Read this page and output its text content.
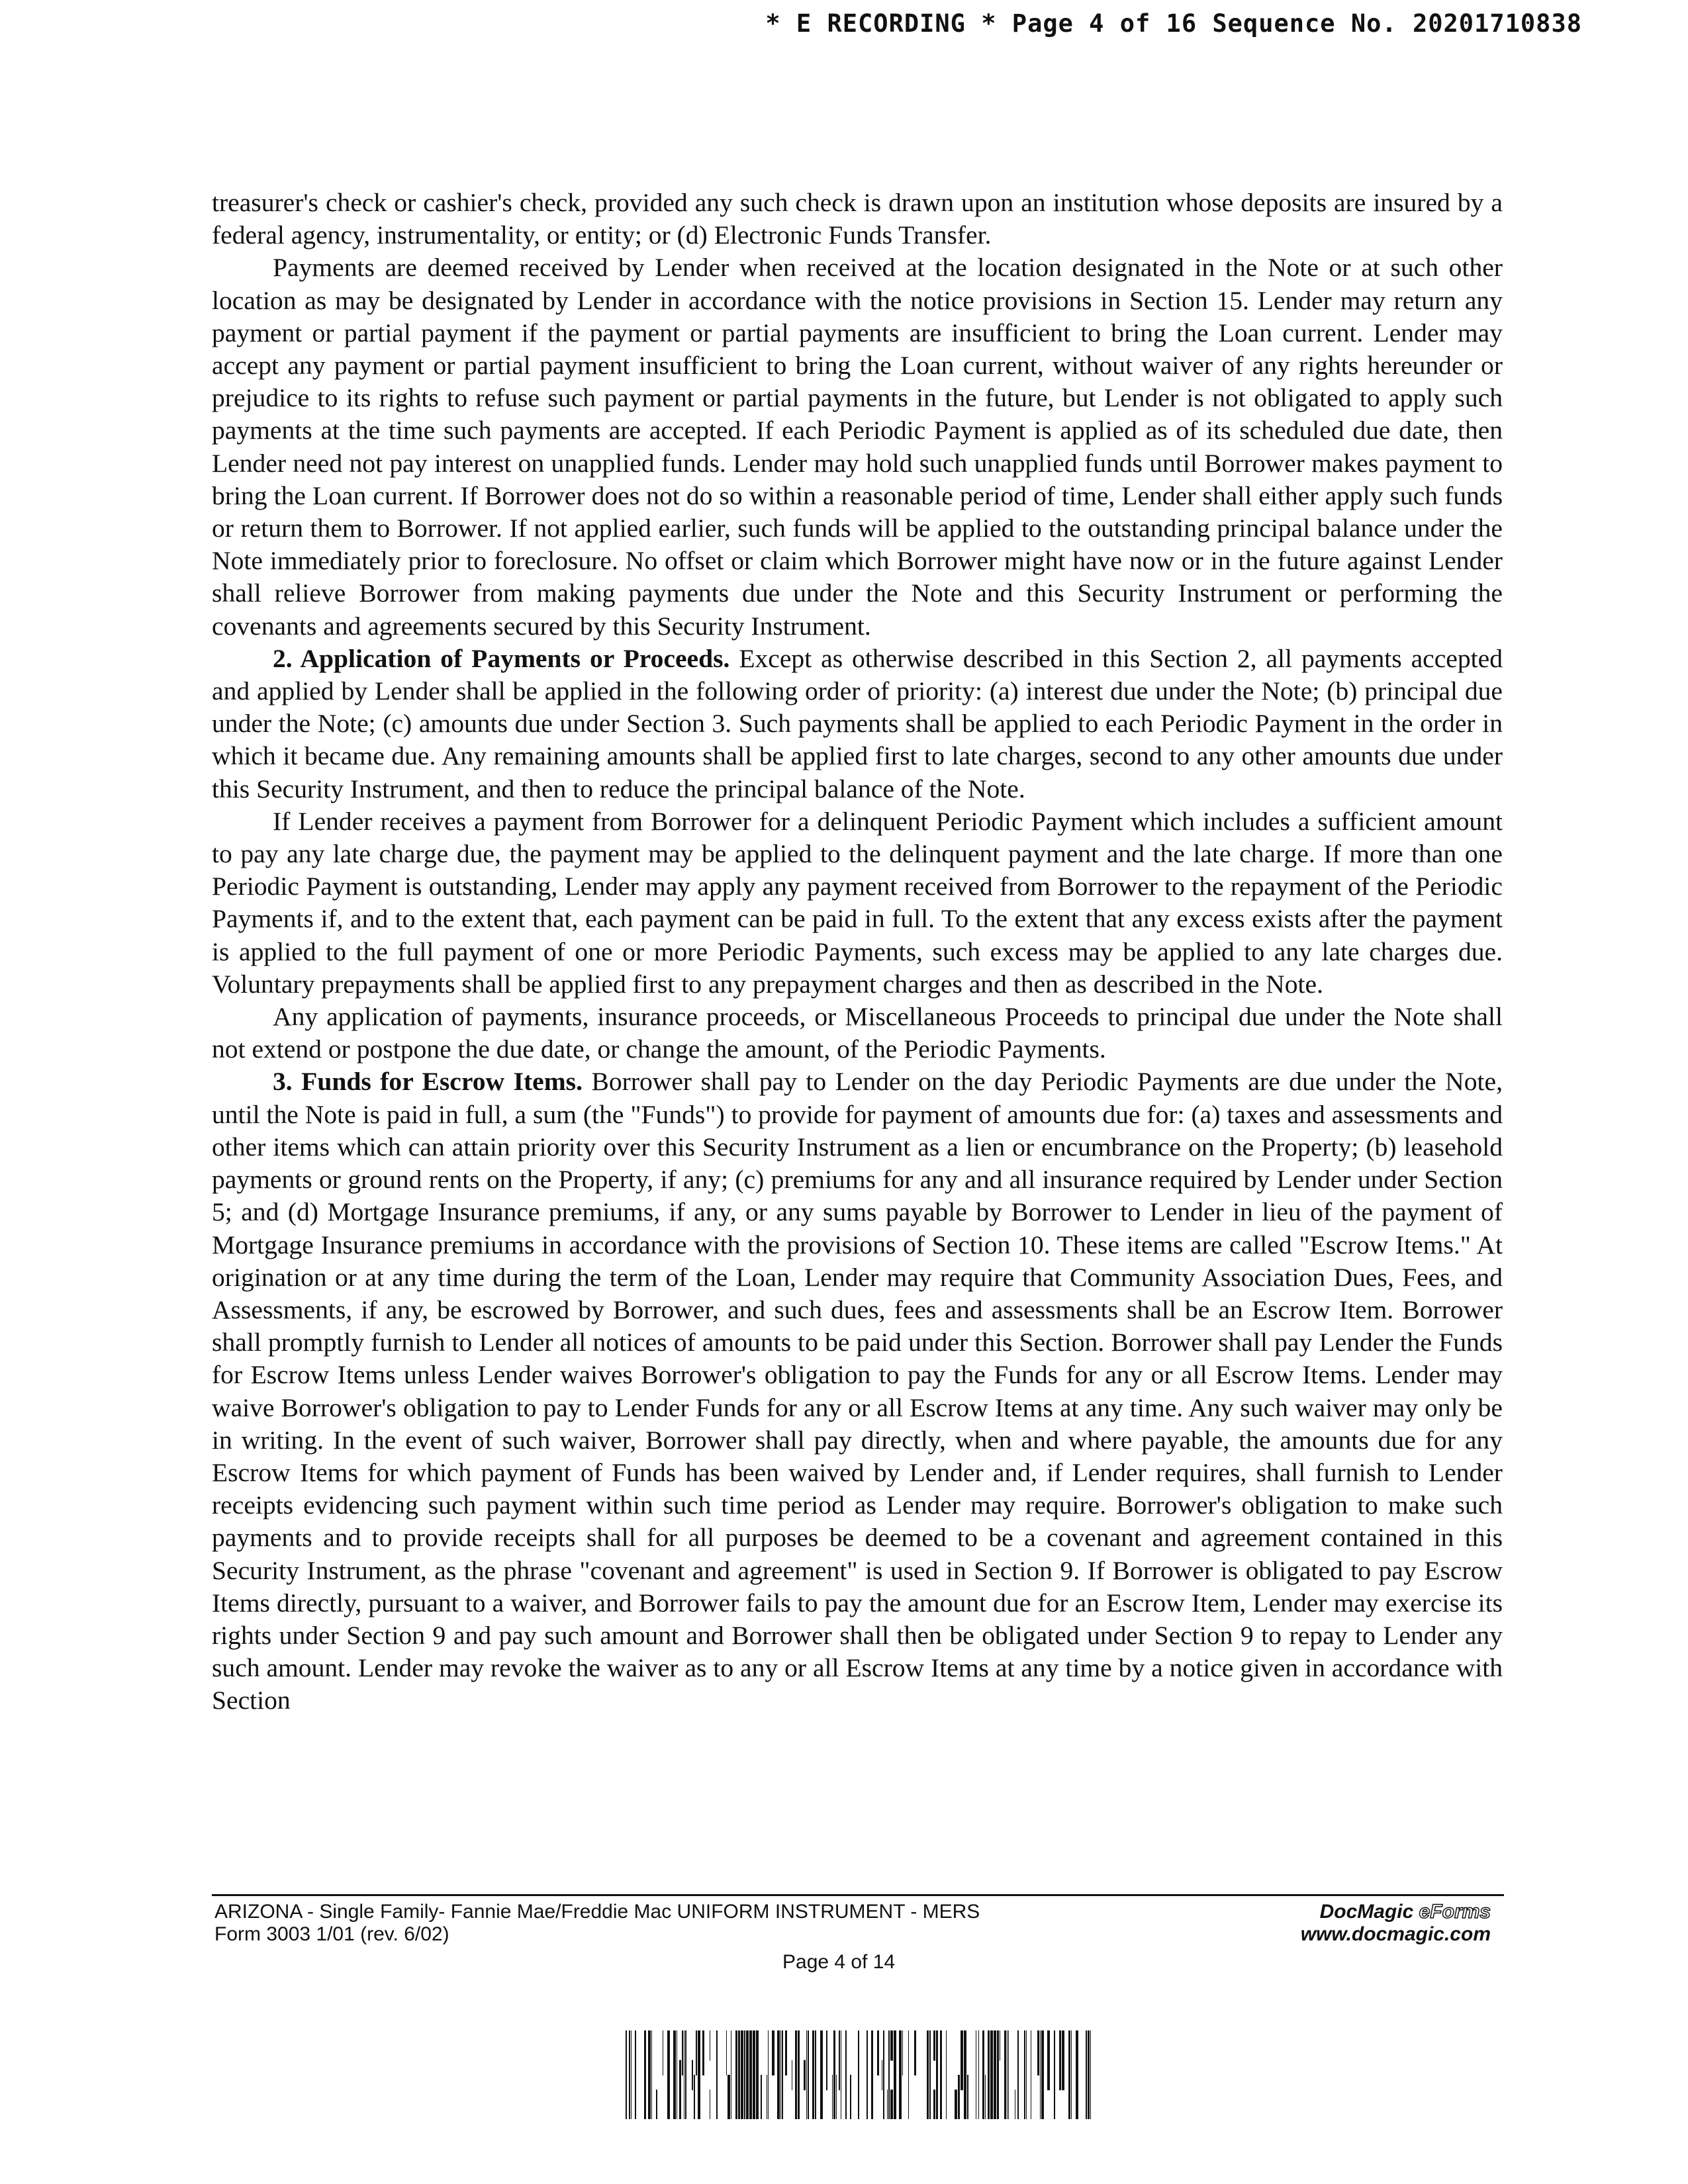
* E RECORDING * Page 4 of 16 Sequence No. 20201710838

treasurer's check or cashier's check, provided any such check is drawn upon an institution whose deposits are insured by a federal agency, instrumentality, or entity; or (d) Electronic Funds Transfer.

Payments are deemed received by Lender when received at the location designated in the Note or at such other location as may be designated by Lender in accordance with the notice provisions in Section 15. Lender may return any payment or partial payment if the payment or partial payments are insufficient to bring the Loan current. Lender may accept any payment or partial payment insufficient to bring the Loan current, without waiver of any rights hereunder or prejudice to its rights to refuse such payment or partial payments in the future, but Lender is not obligated to apply such payments at the time such payments are accepted. If each Periodic Payment is applied as of its scheduled due date, then Lender need not pay interest on unapplied funds. Lender may hold such unapplied funds until Borrower makes payment to bring the Loan current. If Borrower does not do so within a reasonable period of time, Lender shall either apply such funds or return them to Borrower. If not applied earlier, such funds will be applied to the outstanding principal balance under the Note immediately prior to foreclosure. No offset or claim which Borrower might have now or in the future against Lender shall relieve Borrower from making payments due under the Note and this Security Instrument or performing the covenants and agreements secured by this Security Instrument.

2. Application of Payments or Proceeds. Except as otherwise described in this Section 2, all payments accepted and applied by Lender shall be applied in the following order of priority: (a) interest due under the Note; (b) principal due under the Note; (c) amounts due under Section 3. Such payments shall be applied to each Periodic Payment in the order in which it became due. Any remaining amounts shall be applied first to late charges, second to any other amounts due under this Security Instrument, and then to reduce the principal balance of the Note.

If Lender receives a payment from Borrower for a delinquent Periodic Payment which includes a sufficient amount to pay any late charge due, the payment may be applied to the delinquent payment and the late charge. If more than one Periodic Payment is outstanding, Lender may apply any payment received from Borrower to the repayment of the Periodic Payments if, and to the extent that, each payment can be paid in full. To the extent that any excess exists after the payment is applied to the full payment of one or more Periodic Payments, such excess may be applied to any late charges due. Voluntary prepayments shall be applied first to any prepayment charges and then as described in the Note.

Any application of payments, insurance proceeds, or Miscellaneous Proceeds to principal due under the Note shall not extend or postpone the due date, or change the amount, of the Periodic Payments.

3. Funds for Escrow Items. Borrower shall pay to Lender on the day Periodic Payments are due under the Note, until the Note is paid in full, a sum (the "Funds") to provide for payment of amounts due for: (a) taxes and assessments and other items which can attain priority over this Security Instrument as a lien or encumbrance on the Property; (b) leasehold payments or ground rents on the Property, if any; (c) premiums for any and all insurance required by Lender under Section 5; and (d) Mortgage Insurance premiums, if any, or any sums payable by Borrower to Lender in lieu of the payment of Mortgage Insurance premiums in accordance with the provisions of Section 10. These items are called "Escrow Items." At origination or at any time during the term of the Loan, Lender may require that Community Association Dues, Fees, and Assessments, if any, be escrowed by Borrower, and such dues, fees and assessments shall be an Escrow Item. Borrower shall promptly furnish to Lender all notices of amounts to be paid under this Section. Borrower shall pay Lender the Funds for Escrow Items unless Lender waives Borrower's obligation to pay the Funds for any or all Escrow Items. Lender may waive Borrower's obligation to pay to Lender Funds for any or all Escrow Items at any time. Any such waiver may only be in writing. In the event of such waiver, Borrower shall pay directly, when and where payable, the amounts due for any Escrow Items for which payment of Funds has been waived by Lender and, if Lender requires, shall furnish to Lender receipts evidencing such payment within such time period as Lender may require. Borrower's obligation to make such payments and to provide receipts shall for all purposes be deemed to be a covenant and agreement contained in this Security Instrument, as the phrase "covenant and agreement" is used in Section 9. If Borrower is obligated to pay Escrow Items directly, pursuant to a waiver, and Borrower fails to pay the amount due for an Escrow Item, Lender may exercise its rights under Section 9 and pay such amount and Borrower shall then be obligated under Section 9 to repay to Lender any such amount. Lender may revoke the waiver as to any or all Escrow Items at any time by a notice given in accordance with Section

ARIZONA - Single Family- Fannie Mae/Freddie Mac UNIFORM INSTRUMENT - MERS
Form 3003 1/01 (rev. 6/02)
DocMagic eForms
www.docmagic.com
Page 4 of 14
